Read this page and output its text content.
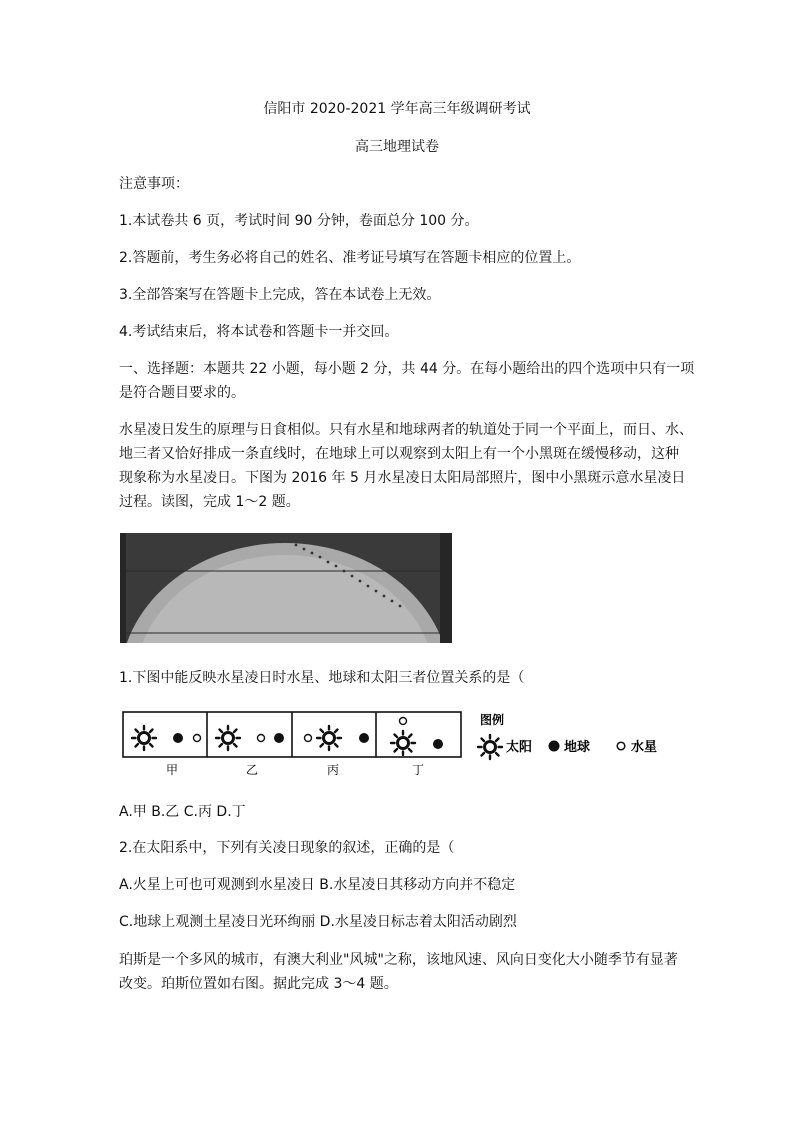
信阳市 2020-2021 学年高三年级调研考试
高三地理试卷
注意事项：
1.本试卷共 6 页，考试时间 90 分钟，卷面总分 100 分。
2.答题前，考生务必将自己的姓名、准考证号填写在答题卡相应的位置上。
3.全部答案写在答题卡上完成，答在本试卷上无效。
4.考试结束后，将本试卷和答题卡一并交回。
一、选择题：本题共 22 小题，每小题 2 分，共 44 分。在每小题给出的四个选项中只有一项
是符合题目要求的。
水星凌日发生的原理与日食相似。只有水星和地球两者的轨道处于同一个平面上，而日、水、
地三者又恰好排成一条直线时，在地球上可以观察到太阳上有一个小黑斑在缓慢移动，这种
现象称为水星凌日。下图为 2016 年 5 月水星凌日太阳局部照片，图中小黑斑示意水星凌日
过程。读图，完成 1～2 题。
1.下图中能反映水星凌日时水星、地球和太阳三者位置关系的是（
甲	乙	丙	丁
图例
太阳 地球	水星
A.甲 B.乙 C.丙 D.丁
2.在太阳系中，下列有关凌日现象的叙述，正确的是（
A.火星上可也可观测到水星凌日 B.水星凌日其移动方向并不稳定
C.地球上观测土星凌日光环绚丽 D.水星凌日标志着太阳活动剧烈
珀斯是一个多风的城市，有澳大利业"风城"之称，该地风速、风向日变化大小随季节有显著
改变。珀斯位置如右图。据此完成 3～4 题。
